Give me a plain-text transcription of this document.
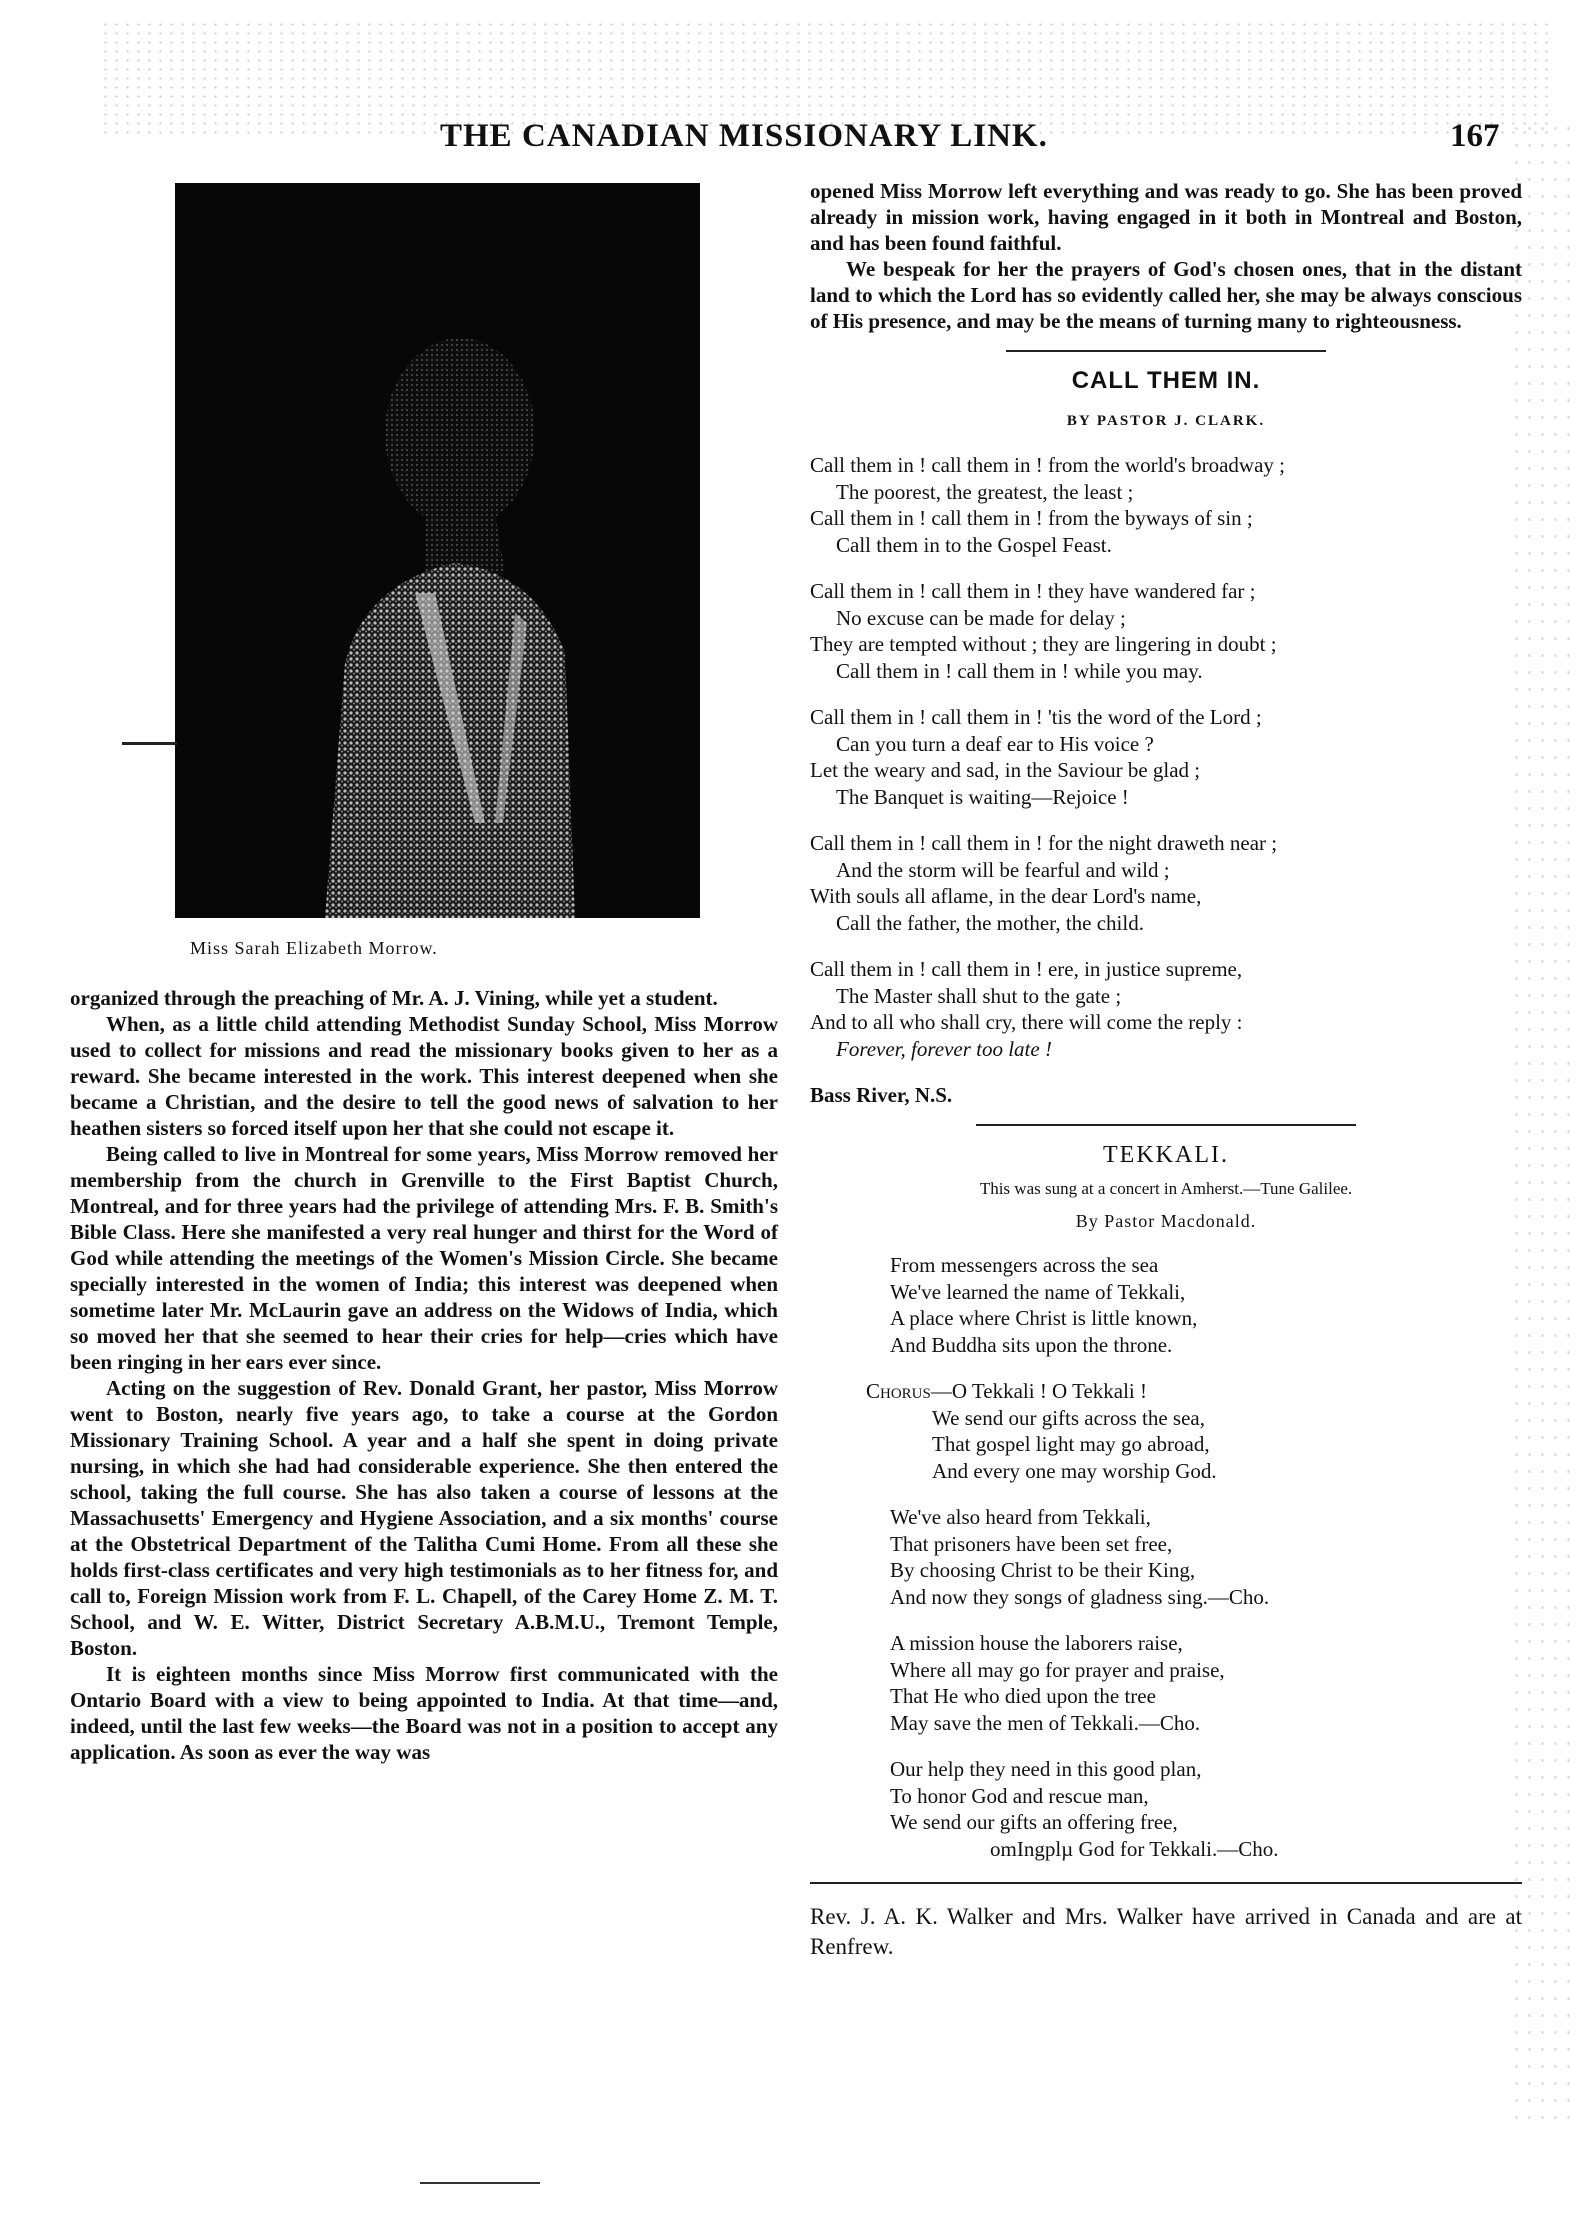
THE CANADIAN MISSIONARY LINK.	167
Miss Sarah Elizabeth Morrow.

organized through the preaching of Mr. A. J. Vining, while yet a student.

When, as a little child attending Methodist Sunday School, Miss Morrow used to collect for missions and read the missionary books given to her as a reward. She became interested in the work. This interest deepened when she became a Christian, and the desire to tell the good news of salvation to her heathen sisters so forced itself upon her that she could not escape it.

Being called to live in Montreal for some years, Miss Morrow removed her membership from the church in Grenville to the First Baptist Church, Montreal, and for three years had the privilege of attending Mrs. F. B. Smith's Bible Class. Here she manifested a very real hunger and thirst for the Word of God while attending the meetings of the Women's Mission Circle. She became specially interested in the women of India; this interest was deepened when sometime later Mr. McLaurin gave an address on the Widows of India, which so moved her that she seemed to hear their cries for help—cries which have been ringing in her ears ever since.

Acting on the suggestion of Rev. Donald Grant, her pastor, Miss Morrow went to Boston, nearly five years ago, to take a course at the Gordon Missionary Training School. A year and a half she spent in doing private nursing, in which she had had considerable experience. She then entered the school, taking the full course. She has also taken a course of lessons at the Massachusetts' Emergency and Hygiene Association, and a six months' course at the Obstetrical Department of the Talitha Cumi Home. From all these she holds first-class certificates and very high testimonials as to her fitness for, and call to, Foreign Mission work from F. L. Chapell, of the Carey Home Z. M. T. School, and W. E. Witter, District Secretary A.B.M.U., Tremont Temple, Boston.

It is eighteen months since Miss Morrow first communicated with the Ontario Board with a view to being appointed to India. At that time—and, indeed, until the last few weeks—the Board was not in a position to accept any application. As soon as ever the way was

opened Miss Morrow left everything and was ready to go. She has been proved already in mission work, having engaged in it both in Montreal and Boston, and has been found faithful.

We bespeak for her the prayers of God's chosen ones, that in the distant land to which the Lord has so evidently called her, she may be always conscious of His presence, and may be the means of turning many to righteousness.

CALL THEM IN.
BY PASTOR J. CLARK.
Call them in ! call them in ! from the world's broadway ;
The poorest, the greatest, the least ;
Call them in ! call them in ! from the byways of sin ;
Call them in to the Gospel Feast.
Call them in ! call them in ! they have wandered far ;
No excuse can be made for delay ;
They are tempted without ; they are lingering in doubt ;
Call them in ! call them in ! while you may.
Call them in ! call them in ! 'tis the word of the Lord ;
Can you turn a deaf ear to His voice ?
Let the weary and sad, in the Saviour be glad ;
The Banquet is waiting—Rejoice !
Call them in ! call them in ! for the night draweth near ;
And the storm will be fearful and wild ;
With souls all aflame, in the dear Lord's name,
Call the father, the mother, the child.
Call them in ! call them in ! ere, in justice supreme,
The Master shall shut to the gate ;
And to all who shall cry, there will come the reply :
Forever, forever too late !
Bass River, N.S.
TEKKALI.
This was sung at a concert in Amherst.—Tune Galilee.
By Pastor Macdonald.
From messengers across the sea
We've learned the name of Tekkali,
A place where Christ is little known,
And Buddha sits upon the throne.
Chorus—O Tekkali ! O Tekkali !
We send our gifts across the sea,
That gospel light may go abroad,
And every one may worship God.
We've also heard from Tekkali,
That prisoners have been set free,
By choosing Christ to be their King,
And now they songs of gladness sing.—Cho.
A mission house the laborers raise,
Where all may go for prayer and praise,
That He who died upon the tree
May save the men of Tekkali.—Cho.
Our help they need in this good plan,
To honor God and rescue man,
We send our gifts an offering free,
omIngplµ God for Tekkali.—Cho.
Rev. J. A. K. Walker and Mrs. Walker have arrived in Canada and are at Renfrew.
